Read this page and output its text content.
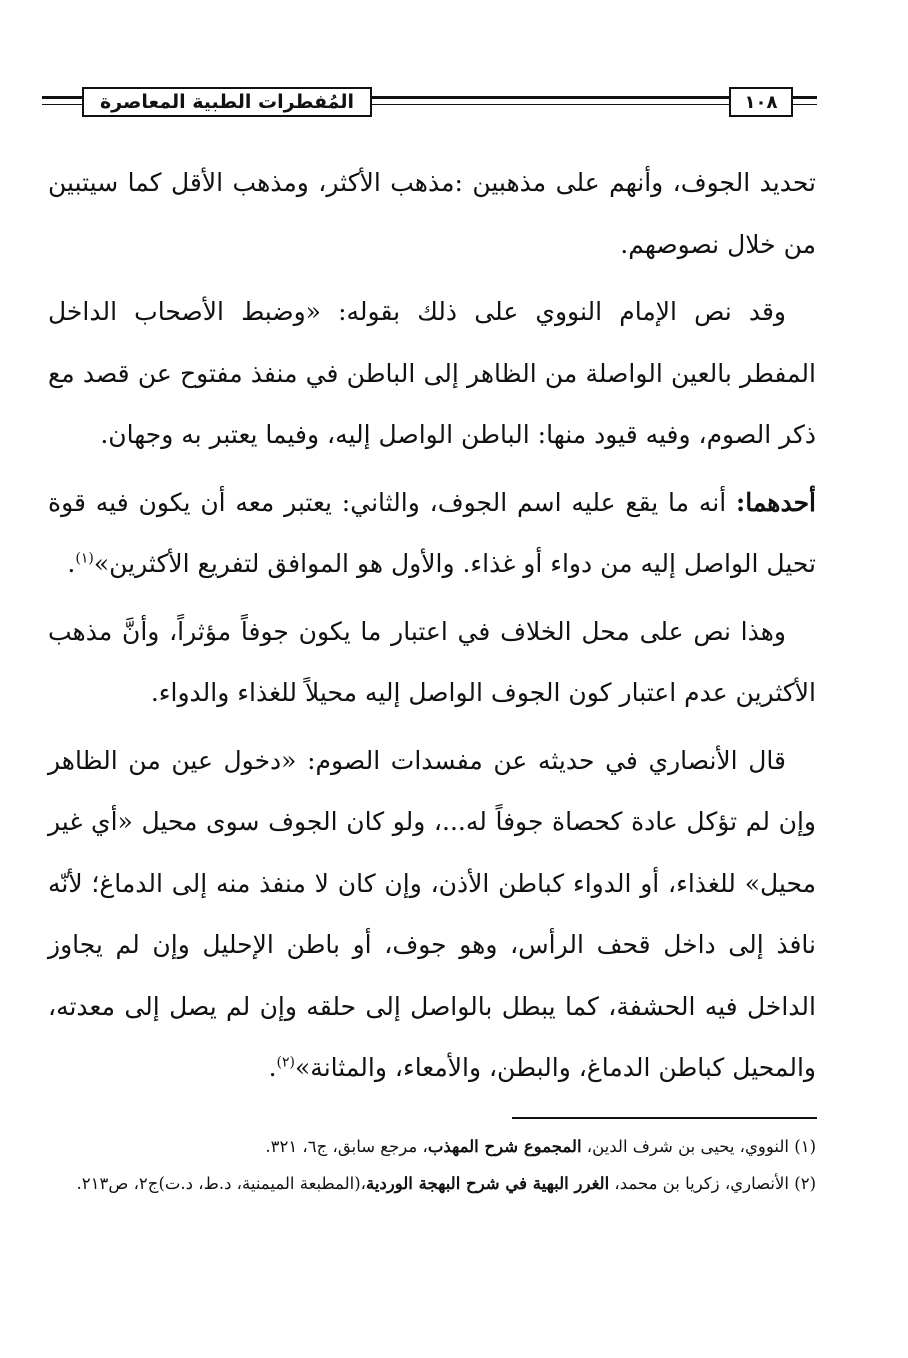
المُفطرات الطبية المعاصرة	١٠٨

تحديد الجوف، وأنهم على مذهبين :مذهب الأكثر، ومذهب الأقل كما سيتبين من خلال نصوصهم.

وقد نص الإمام النووي على ذلك بقوله: «وضبط الأصحاب الداخل المفطر بالعين الواصلة من الظاهر إلى الباطن في منفذ مفتوح عن قصد مع ذكر الصوم، وفيه قيود منها: الباطن الواصل إليه، وفيما يعتبر به وجهان.

أحدهما: أنه ما يقع عليه اسم الجوف، والثاني: يعتبر معه أن يكون فيه قوة تحيل الواصل إليه من دواء أو غذاء. والأول هو الموافق لتفريع الأكثرين»$^{(١)}$.

وهذا نص على محل الخلاف في اعتبار ما يكون جوفاً مؤثراً، وأنَّ مذهب الأكثرين عدم اعتبار كون الجوف الواصل إليه محيلاً للغذاء والدواء.

قال الأنصاري في حديثه عن مفسدات الصوم: «دخول عين من الظاهر وإن لم تؤكل عادة كحصاة جوفاً له...، ولو كان الجوف سوى محيل «أي غير محيل» للغذاء، أو الدواء كباطن الأذن، وإن كان لا منفذ منه إلى الدماغ؛ لأنّه نافذ إلى داخل قحف الرأس، وهو جوف، أو باطن الإحليل وإن لم يجاوز الداخل فيه الحشفة، كما يبطل بالواصل إلى حلقه وإن لم يصل إلى معدته، والمحيل كباطن الدماغ، والبطن، والأمعاء، والمثانة»$^{(٢)}$.

(١) النووي، يحيى بن شرف الدين، المجموع شرح المهذب، مرجع سابق، ج٦، ٣٢١.

(٢) الأنصاري، زكريا بن محمد، الغرر البهية في شرح البهجة الوردية،(المطبعة الميمنية، د.ط، د.ت)ج٢، ص٢١٣.
